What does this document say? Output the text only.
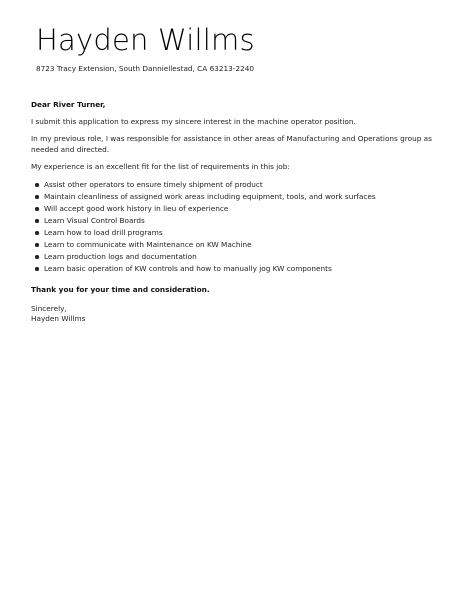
Hayden Willms
8723 Tracy Extension, South Danniellestad, CA 63213-2240

Dear River Turner,

I submit this application to express my sincere interest in the machine operator position.

In my previous role, I was responsible for assistance in other areas of Manufacturing and Operations group as needed and directed.

My experience is an excellent fit for the list of requirements in this job:

Assist other operators to ensure timely shipment of product
Maintain cleanliness of assigned work areas including equipment, tools, and work surfaces
Will accept good work history in lieu of experience
Learn Visual Control Boards
Learn how to load drill programs
Learn to communicate with Maintenance on KW Machine
Learn production logs and documentation
Learn basic operation of KW controls and how to manually jog KW components

Thank you for your time and consideration.

Sincerely,

Hayden Willms
